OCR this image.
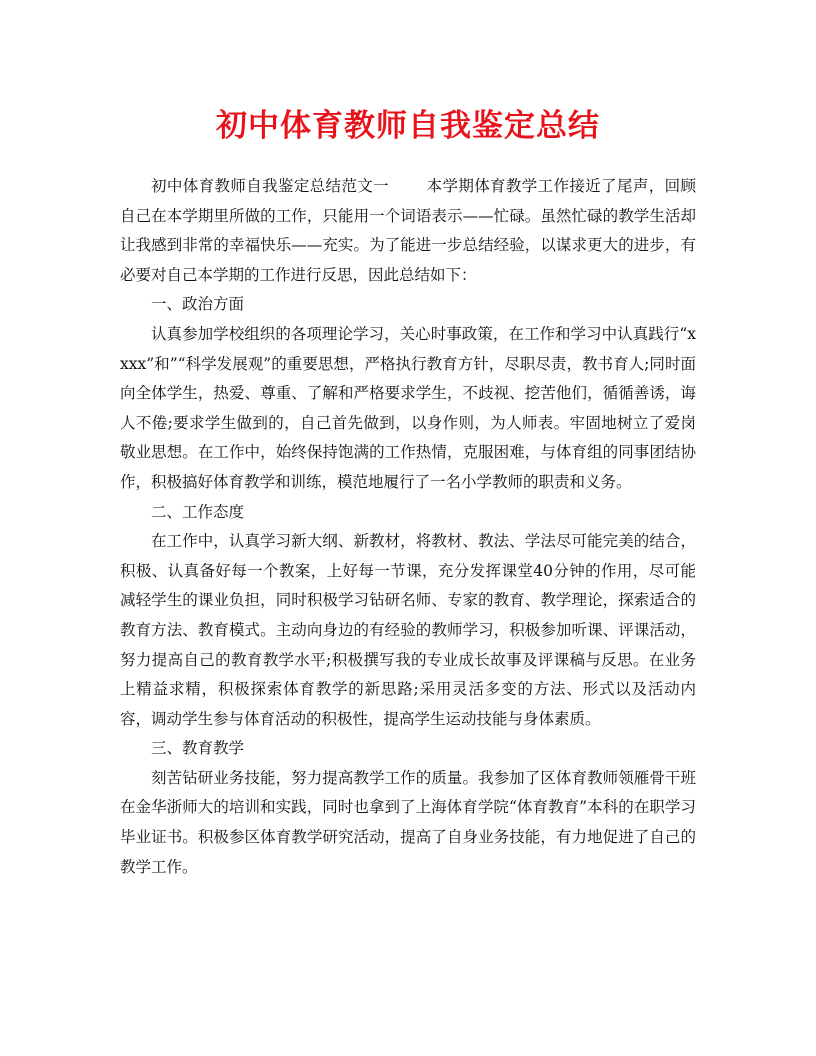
初中体育教师自我鉴定总结

初中体育教师自我鉴定总结范文一 本学期体育教学工作接近了尾声，回顾自己在本学期里所做的工作，只能用一个词语表示——忙碌。虽然忙碌的教学生活却让我感到非常的幸福快乐——充实。为了能进一步总结经验，以谋求更大的进步，有必要对自己本学期的工作进行反思，因此总结如下：

一、政治方面

认真参加学校组织的各项理论学习，关心时事政策，在工作和学习中认真践行“xxxx”和”“科学发展观”的重要思想，严格执行教育方针，尽职尽责，教书育人;同时面向全体学生，热爱、尊重、了解和严格要求学生，不歧视、挖苦他们，循循善诱，诲人不倦;要求学生做到的，自己首先做到，以身作则，为人师表。牢固地树立了爱岗敬业思想。在工作中，始终保持饱满的工作热情，克服困难，与体育组的同事团结协作，积极搞好体育教学和训练，模范地履行了一名小学教师的职责和义务。

二、工作态度

在工作中，认真学习新大纲、新教材，将教材、教法、学法尽可能完美的结合，积极、认真备好每一个教案，上好每一节课，充分发挥课堂40分钟的作用，尽可能减轻学生的课业负担，同时积极学习钻研名师、专家的教育、教学理论，探索适合的教育方法、教育模式。主动向身边的有经验的教师学习，积极参加听课、评课活动，努力提高自己的教育教学水平;积极撰写我的专业成长故事及评课稿与反思。在业务上精益求精，积极探索体育教学的新思路;采用灵活多变的方法、形式以及活动内容，调动学生参与体育活动的积极性，提高学生运动技能与身体素质。

三、教育教学

刻苦钻研业务技能，努力提高教学工作的质量。我参加了区体育教师领雁骨干班在金华浙师大的培训和实践，同时也拿到了上海体育学院“体育教育”本科的在职学习毕业证书。积极参区体育教学研究活动，提高了自身业务技能，有力地促进了自己的教学工作。
